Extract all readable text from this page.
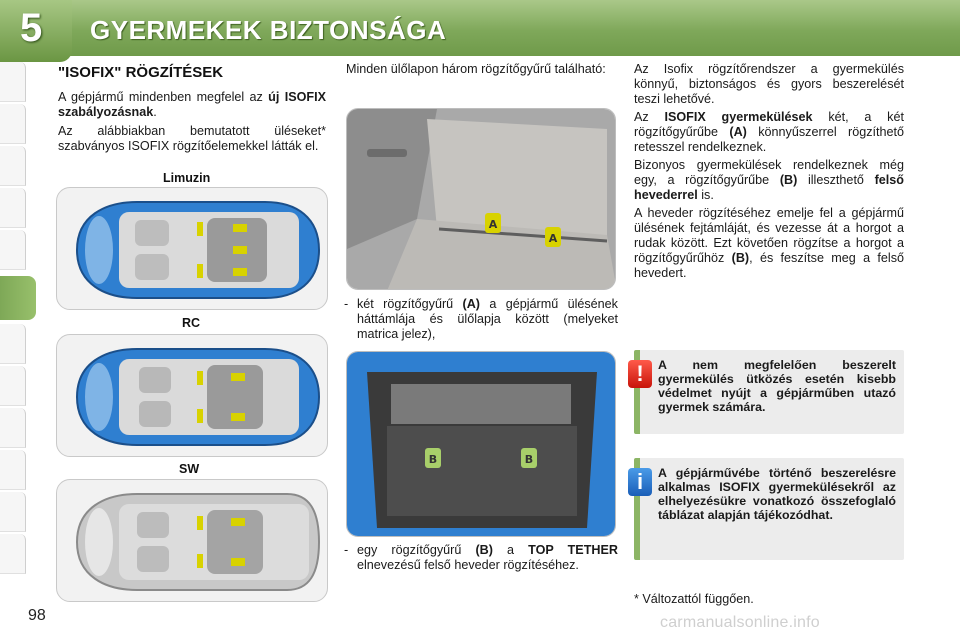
5 GYERMEKEK BIZTONSÁGA
98
"ISOFIX" RÖGZÍTÉSEK
A gépjármű mindenben megfelel az új ISOFIX szabályozásnak.
Az alábbiakban bemutatott üléseket* szabványos ISOFIX rögzítőelemekkel látták el.
Limuzin
RC
SW
Minden ülőlapon három rögzítőgyűrű található:
A
A
- két rögzítőgyűrű (A) a gépjármű ülésének háttámlája és ülőlapja között (melyeket matrica jelez),
B	B
- egy rögzítőgyűrű (B) a TOP TETHER elnevezésű felső heveder rögzítéséhez.

Az Isofix rögzítőrendszer a gyermekülés könnyű, biztonságos és gyors beszerelését teszi lehetővé.

Az ISOFIX gyermekülések két, a két rögzítőgyűrűbe (A) könnyűszerrel rögzíthető retesszel rendelkeznek.

Bizonyos gyermekülések rendelkeznek még egy, a rögzítőgyűrűbe (B) illeszthető felső hevederrel is.

A heveder rögzítéséhez emelje fel a gépjármű ülésének fejtámláját, és vezesse át a horgot a rudak között. Ezt követően rögzítse a horgot a rögzítőgyűrűhöz (B), és feszítse meg a felső hevedert.

!	A nem megfelelően beszerelt gyermekülés ütközés esetén kisebb védelmet nyújt a gépjárműben utazó gyermek számára.
i	A gépjárművébe történő beszerelésre alkalmas ISOFIX gyermekülésekről az elhelyezésükre vonatkozó összefoglaló táblázat alapján tájékozódhat.
* Változattól függően.
carmanualsonline.info
